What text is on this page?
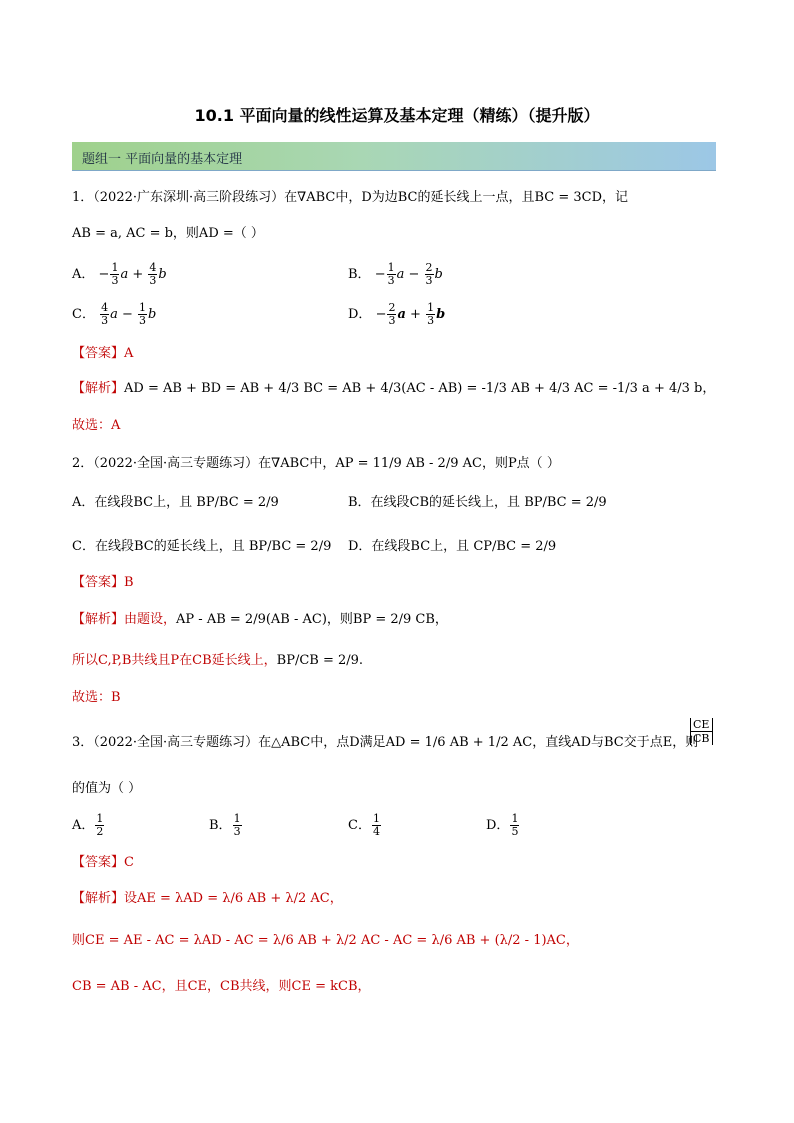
10.1 平面向量的线性运算及基本定理（精练）（提升版）
题组一 平面向量的基本定理
1．（2022·广东深圳·高三阶段练习）在∇ABC中，D为边BC的延长线上一点，且BC = 3CD，记
AB = a, AC = b，则AD =（ ）
A． − $\frac{1}{3}$ $a + \frac{4}{3}$ b	B． − $\frac{1}{3}$ $a - \frac{2}{3}$ b
C． $\frac{4}{3}$ $a - \frac{1}{3}$ b	D． − $\frac{2}{3}$ $a + \frac{1}{3}$ b
【答案】A
【解析】AD = AB + BD = AB + 4/3 BC = AB + 4/3(AC - AB) = -1/3 AB + 4/3 AC = -1/3 a + 4/3 b，
故选：A
2．（2022·全国·高三专题练习）在∇ABC中，AP = 11/9 AB - 2/9 AC，则P点（ ）
A．在线段BC上，且 BP/BC = 2/9	B．在线段CB的延长线上，且 BP/BC = 2/9
C．在线段BC的延长线上，且 BP/BC = 2/9 D．在线段BC上，且 CP/BC = 2/9
【答案】B
【解析】由题设，AP - AB = 2/9(AB - AC)，则BP = 2/9 CB，
所以C,P,B共线且P在CB延长线上，BP/CB = 2/9.
故选：B
3．（2022·全国·高三专题练习）在△ABC中，点D满足AD = 1/6 AB + 1/2 AC，直线AD与BC交于点E，则
CE
CB
的值为（ ）
A． $\frac{1}{2}$	B． $\frac{1}{3}$	C． $\frac{1}{4}$	D． $\frac{1}{5}$
【答案】C
【解析】设AE = λAD = λ/6 AB + λ/2 AC，
则CE = AE - AC = λAD - AC = λ/6 AB + λ/2 AC - AC = λ/6 AB + (λ/2 - 1)AC，
CB = AB - AC，且CE，CB共线，则CE = kCB，
